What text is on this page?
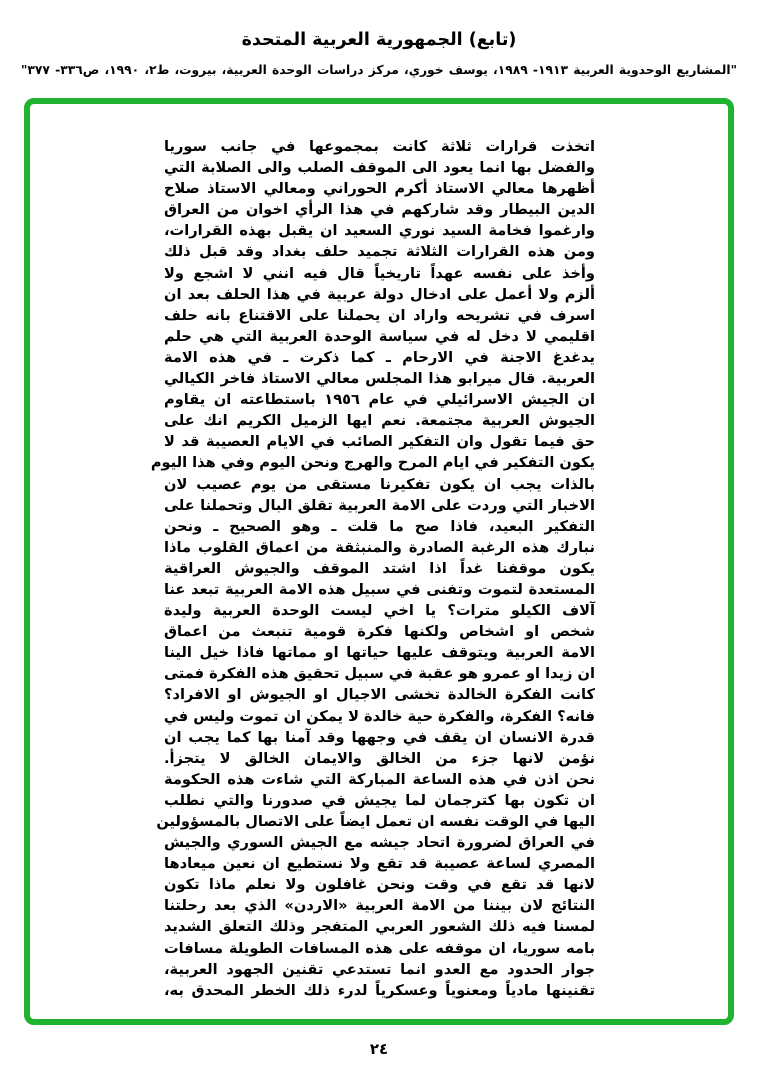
(تابع) الجمهورية العربية المتحدة
"المشاريع الوحدوية العربية ١٩١٣- ١٩٨٩، يوسف خوري، مركز دراسات الوحدة العربية، بيروت، ط٢، ١٩٩٠، ص٣٣٦- ٣٧٧"
اتخذت قرارات ثلاثة كانت بمجموعها في جانب سوريا
والفضل بها انما يعود الى الموقف الصلب والى الصلابة التي
أظهرها معالي الاستاذ أكرم الحوراني ومعالي الاستاذ صلاح
الدين البيطار وقد شاركهم في هذا الرأي اخوان من العراق
وارغموا فخامة السيد نوري السعيد ان يقبل بهذه القرارات،
ومن هذه القرارات الثلاثة تجميد حلف بغداد وقد قبل ذلك
وأخذ على نفسه عهداً تاريخياً قال فيه انني لا اشجع ولا
ألزم ولا أعمل على ادخال دولة عربية في هذا الحلف بعد ان
اسرف في تشريحه واراد ان يحملنا على الاقتناع بانه حلف
اقليمي لا دخل له في سياسة الوحدة العربية التي هي حلم
يدغدغ الاجنة في الارحام ـ كما ذكرت ـ في هذه الامة
العربية. قال ميرابو هذا المجلس معالي الاستاذ فاخر الكيالي
ان الجيش الاسرائيلي في عام ١٩٥٦ باستطاعته ان يقاوم
الجيوش العربية مجتمعة. نعم ايها الزميل الكريم انك على
حق فيما تقول وان التفكير الصائب في الايام العصيبة قد لا
يكون التفكير في ايام المرح والهرج ونحن اليوم وفي هذا اليوم
بالذات يجب ان يكون تفكيرنا مستقى من يوم عصيب لان
الاخبار التي وردت على الامة العربية تقلق البال وتحملنا على
التفكير البعيد، فاذا صح ما قلت ـ وهو الصحيح ـ ونحن
نبارك هذه الرغبة الصادرة والمنبثقة من اعماق القلوب ماذا
يكون موقفنا غداً اذا اشتد الموقف والجيوش العراقية
المستعدة لتموت وتفنى في سبيل هذه الامة العربية تبعد عنا
آلاف الكيلو مترات؟ يا اخي ليست الوحدة العربية وليدة
شخص او اشخاص ولكنها فكرة قومية تنبعث من اعماق
الامة العربية ويتوقف عليها حياتها او مماتها فاذا خيل الينا
ان زيدا او عمرو هو عقبة في سبيل تحقيق هذه الفكرة فمتى
كانت الفكرة الخالدة تخشى الاجيال او الجيوش او الافراد؟
فانه؟ الفكرة، والفكرة حية خالدة لا يمكن ان تموت وليس في
قدرة الانسان ان يقف في وجهها وقد آمنا بها كما يجب ان
نؤمن لانها جزء من الخالق والايمان الخالق لا يتجزأ.
نحن اذن في هذه الساعة المباركة التي شاءت هذه الحكومة
ان تكون بها كترجمان لما يجيش في صدورنا والتي نطلب
اليها في الوقت نفسه ان تعمل ايضاً على الاتصال بالمسؤولين
في العراق لضرورة اتحاد جيشه مع الجيش السوري والجيش
المصري لساعة عصيبة قد تقع ولا نستطيع ان نعين ميعادها
لانها قد تقع في وقت ونحن غافلون ولا نعلم ماذا تكون
النتائج لان بيننا من الامة العربية «الاردن» الذي بعد رحلتنا
لمسنا فيه ذلك الشعور العربي المتفجر وذلك التعلق الشديد
بامه سوريا، ان موقفه على هذه المسافات الطويلة مسافات
جوار الحدود مع العدو انما تستدعي تقنين الجهود العربية،
تقنينها مادياً ومعنوياً وعسكرياً لدرء ذلك الخطر المحدق به،
٢٤
